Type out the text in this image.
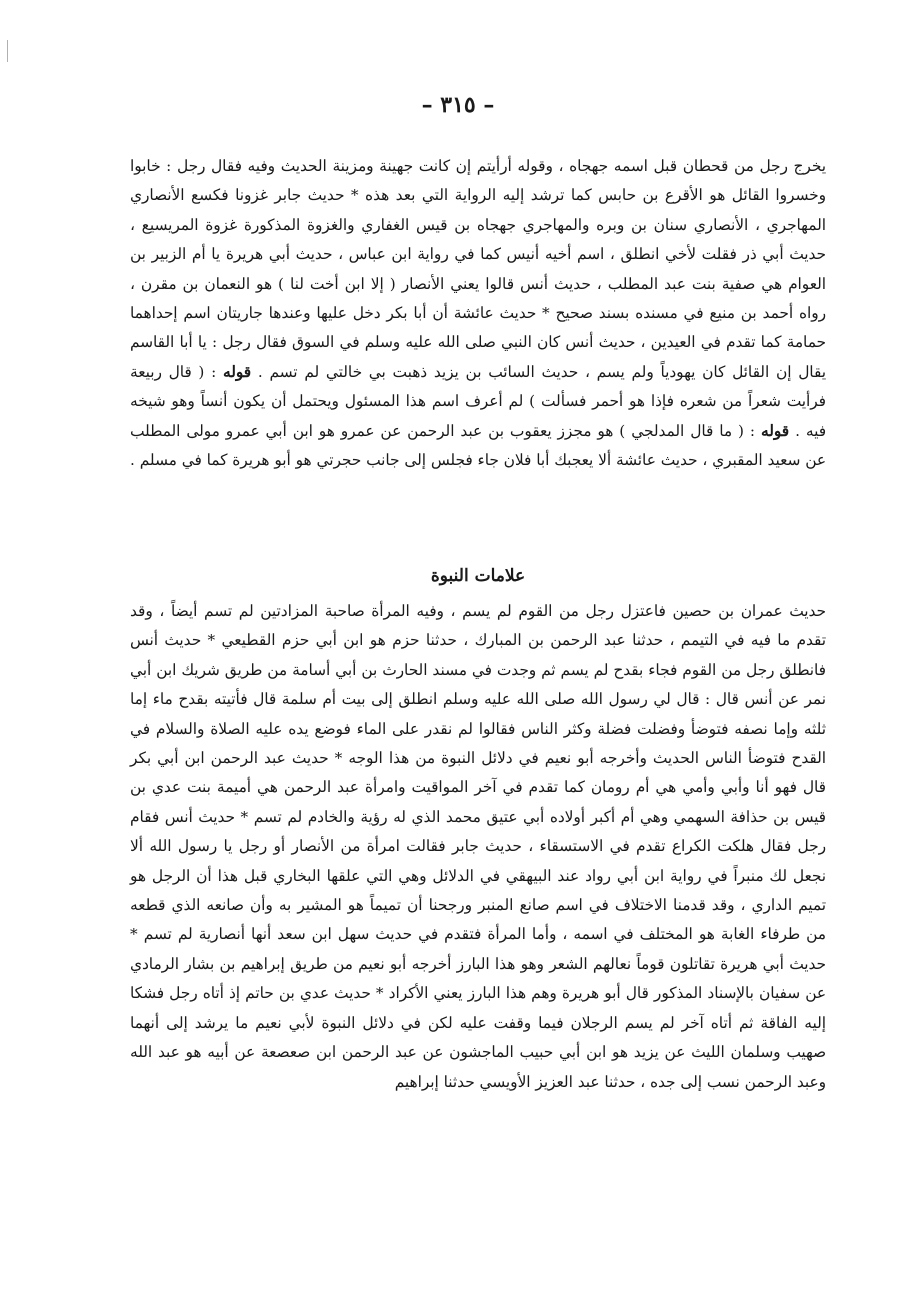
– ٣١٥ –
يخرج رجل من قحطان قبل اسمه جهجاه ، وقوله أرأيتم إن كانت جهينة ومزينة الحديث وفيه فقال رجل : خابوا وخسروا القائل هو الأقرع بن حابس كما ترشد إليه الرواية التي بعد هذه * حديث جابر غزونا فكسع الأنصاري المهاجري ، الأنصاري سنان بن وبره والمهاجري جهجاه بن قيس الغفاري والغزوة المذكورة غزوة المريسيع ، حديث أبي ذر فقلت لأخي انطلق ، اسم أخيه أنيس كما في رواية ابن عباس ، حديث أبي هريرة يا أم الزبير بن العوام هي صفية بنت عبد المطلب ، حديث أنس قالوا يعني الأنصار ( إلا ابن أخت لنا ) هو النعمان بن مقرن ، رواه أحمد بن منيع في مسنده بسند صحيح * حديث عائشة أن أبا بكر دخل عليها وعندها جاريتان اسم إحداهما حمامة كما تقدم في العيدين ، حديث أنس كان النبي صلى الله عليه وسلم في السوق فقال رجل : يا أبا القاسم يقال إن القائل كان يهودياً ولم يسم ، حديث السائب بن يزيد ذهبت بي خالتي لم تسم . قوله : ( قال ربيعة فرأيت شعراً من شعره فإذا هو أحمر فسألت ) لم أعرف اسم هذا المسئول ويحتمل أن يكون أنساً وهو شيخه فيه . قوله : ( ما قال المدلجي ) هو مجزز يعقوب بن عبد الرحمن عن عمرو هو ابن أبي عمرو مولى المطلب عن سعيد المقبري ، حديث عائشة ألا يعجبك أبا فلان جاء فجلس إلى جانب حجرتي هو أبو هريرة كما في مسلم .
علامات النبوة
حديث عمران بن حصين فاعتزل رجل من القوم لم يسم ، وفيه المرأة صاحبة المزادتين لم تسم أيضاً ، وقد تقدم ما فيه في التيمم ، حدثنا عبد الرحمن بن المبارك ، حدثنا حزم هو ابن أبي حزم القطيعي * حديث أنس فانطلق رجل من القوم فجاء بقدح لم يسم ثم وجدت في مسند الحارث بن أبي أسامة من طريق شريك ابن أبي نمر عن أنس قال : قال لي رسول الله صلى الله عليه وسلم انطلق إلى بيت أم سلمة قال فأتيته بقدح ماء إما ثلثه وإما نصفه فتوضأ وفضلت فضلة وكثر الناس فقالوا لم نقدر على الماء فوضع يده عليه الصلاة والسلام في القدح فتوضأ الناس الحديث وأخرجه أبو نعيم في دلائل النبوة من هذا الوجه * حديث عبد الرحمن ابن أبي بكر قال فهو أنا وأبي وأمي هي أم رومان كما تقدم في آخر المواقيت وامرأة عبد الرحمن هي أميمة بنت عدي بن قيس بن حذافة السهمي وهي أم أكبر أولاده أبي عتيق محمد الذي له رؤية والخادم لم تسم * حديث أنس فقام رجل فقال هلكت الكراع تقدم في الاستسقاء ، حديث جابر فقالت امرأة من الأنصار أو رجل يا رسول الله ألا نجعل لك منبراً في رواية ابن أبي رواد عند البيهقي في الدلائل وهي التي علقها البخاري قبل هذا أن الرجل هو تميم الداري ، وقد قدمنا الاختلاف في اسم صانع المنبر ورجحنا أن تميماً هو المشير به وأن صانعه الذي قطعه من طرفاء الغابة هو المختلف في اسمه ، وأما المرأة فتقدم في حديث سهل ابن سعد أنها أنصارية لم تسم * حديث أبي هريرة تقاتلون قوماً نعالهم الشعر وهو هذا البارز أخرجه أبو نعيم من طريق إبراهيم بن بشار الرمادي عن سفيان بالإسناد المذكور قال أبو هريرة وهم هذا البارز يعني الأكراد * حديث عدي بن حاتم إذ أتاه رجل فشكا إليه الفاقة ثم أتاه آخر لم يسم الرجلان فيما وقفت عليه لكن في دلائل النبوة لأبي نعيم ما يرشد إلى أنهما صهيب وسلمان الليث عن يزيد هو ابن أبي حبيب الماجشون عن عبد الرحمن ابن صعصعة عن أبيه هو عبد الله وعبد الرحمن نسب إلى جده ، حدثنا عبد العزيز الأويسي حدثنا إبراهيم
